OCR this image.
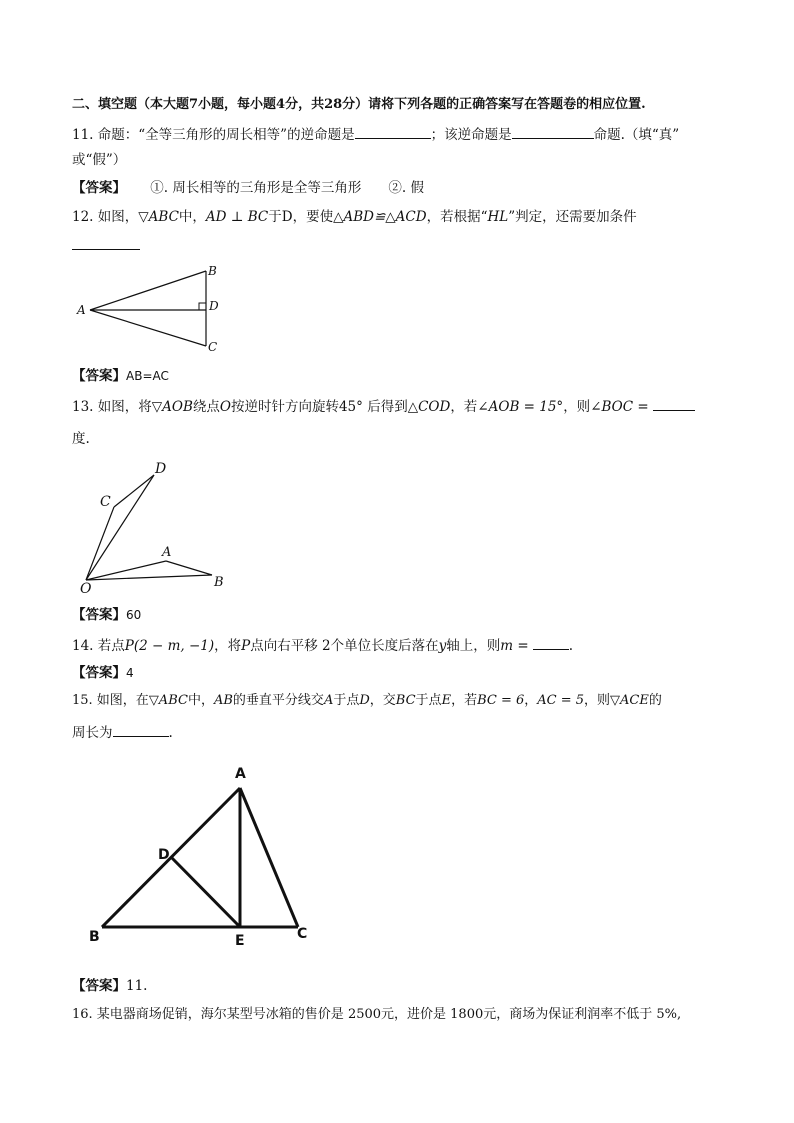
二、填空题（本大题7小题，每小题4分，共28分）请将下列各题的正确答案写在答题卷的相应位置.
11. 命题：“全等三角形的周长相等”的逆命题是	；该逆命题是	命题.（填“真”
或“假”）
【答案】 ①. 周长相等的三角形是全等三角形　　②. 假
12. 如图，▽ABC中，AD ⊥ BC于D，要使△ABD≌△ACD，若根据“HL”判定，还需要加条件
A
B
D
C
【答案】AB=AC
13. 如图，将▽AOB绕点O按逆时针方向旋转45° 后得到△COD，若∠AOB = 15°，则∠BOC =
度.
O
A
B
C
D
【答案】60
14. 若点P(2 − m, −1)，将P点向右平移 2个单位长度后落在y轴上，则m =	.
【答案】4
15. 如图，在▽ABC中，AB的垂直平分线交A于点D，交BC于点E，若BC = 6，AC = 5，则▽ACE的
周长为	.
A
B	C
D
E
【答案】11.
16. 某电器商场促销，海尔某型号冰箱的售价是 2500元，进价是 1800元，商场为保证利润率不低于 5%,
